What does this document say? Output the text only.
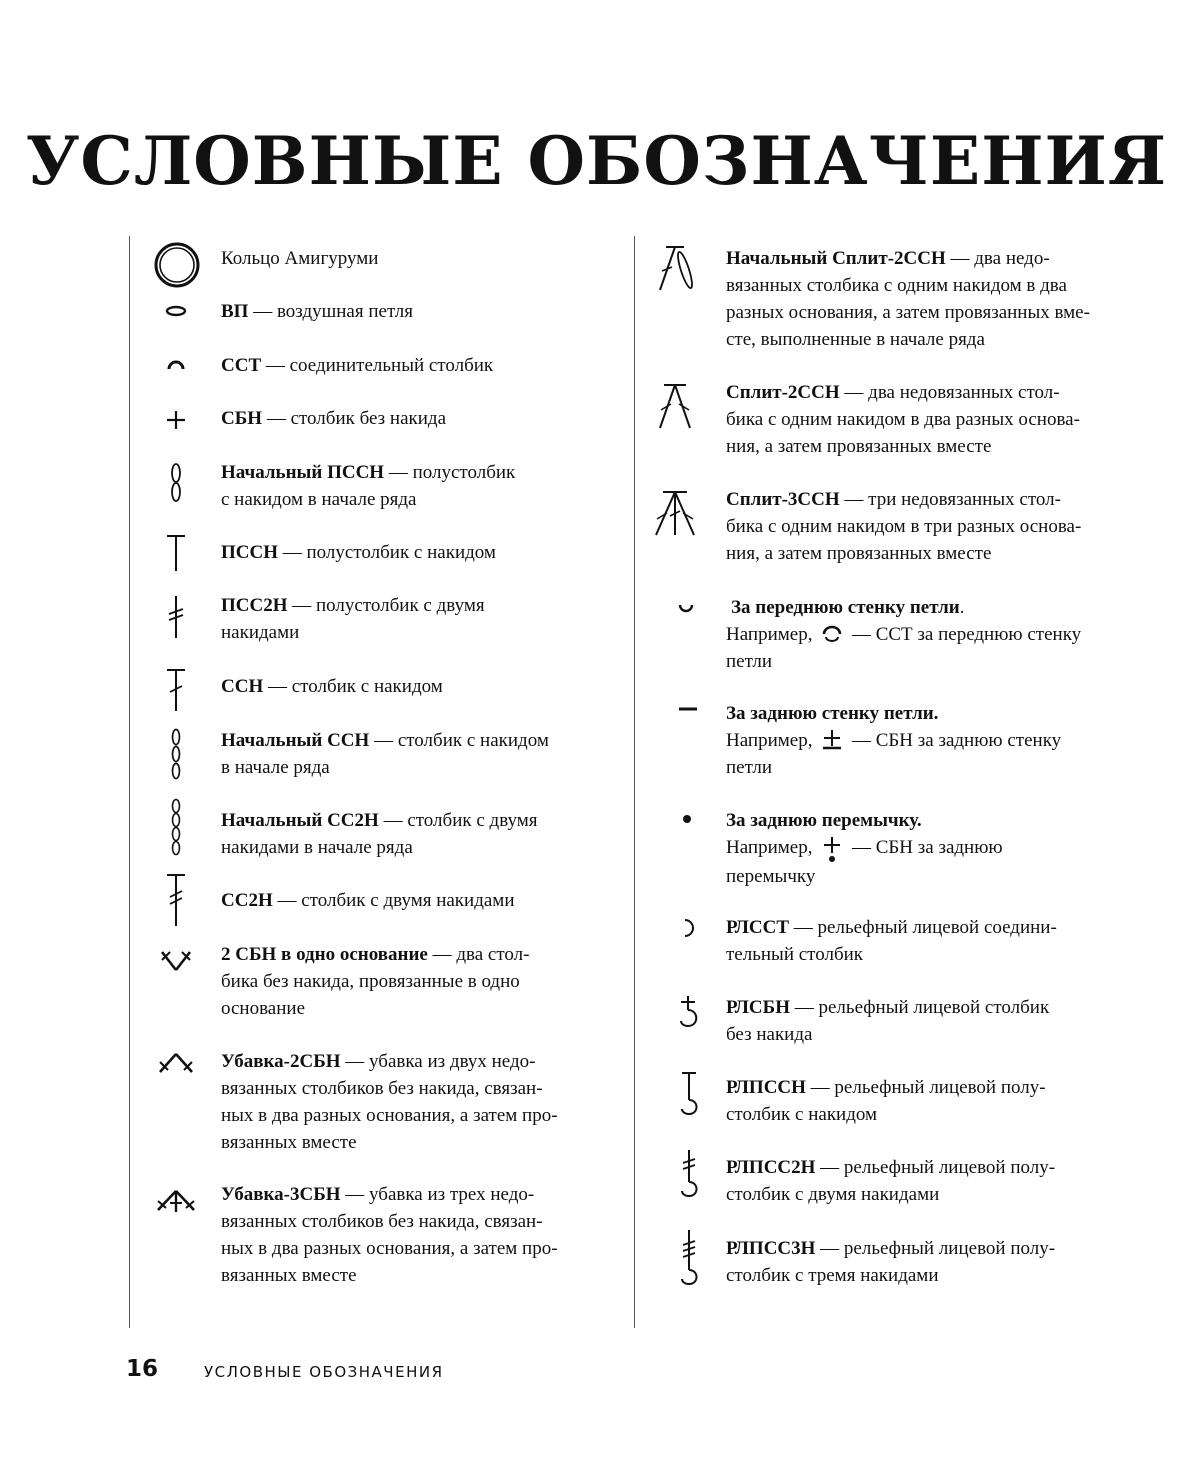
УСЛОВНЫЕ ОБОЗНАЧЕНИЯ
Кольцо Амигуруми
ВП — воздушная петля
ССТ — соединительный столбик
СБН — столбик без накида
Начальный ПССН — полустолбик
с накидом в начале ряда
ПССН — полустолбик с накидом
ПСС2Н — полустолбик с двумя
накидами
ССН — столбик с накидом
Начальный ССН — столбик с накидом
в начале ряда
Начальный СС2Н — столбик с двумя
накидами в начале ряда
СС2Н — столбик с двумя накидами
2 СБН в одно основание — два стол-
бика без накида, провязанные в одно
основание
Убавка-2СБН — убавка из двух недо-
вязанных столбиков без накида, связан-
ных в два разных основания, а затем про-
вязанных вместе
Убавка-3СБН — убавка из трех недо-
вязанных столбиков без накида, связан-
ных в два разных основания, а затем про-
вязанных вместе
Начальный Сплит-2ССН — два недо-
вязанных столбика с одним накидом в два
разных основания, а затем провязанных вме-
сте, выполненные в начале ряда
Сплит-2ССН — два недовязанных стол-
бика с одним накидом в два разных основа-
ния, а затем провязанных вместе
Сплит-3ССН — три недовязанных стол-
бика с одним накидом в три разных основа-
ния, а затем провязанных вместе
За переднюю стенку петли.
Например,  — ССТ за переднюю стенку
петли
За заднюю стенку петли.
Например,  — СБН за заднюю стенку
петли
За заднюю перемычку.
Например,  — СБН за заднюю
перемычку
РЛССТ — рельефный лицевой соедини-
тельный столбик
РЛСБН — рельефный лицевой столбик
без накида
РЛПССН — рельефный лицевой полу-
столбик с накидом
РЛПСС2Н — рельефный лицевой полу-
столбик с двумя накидами
РЛПСС3Н — рельефный лицевой полу-
столбик с тремя накидами
16	УСЛОВНЫЕ ОБОЗНАЧЕНИЯ
